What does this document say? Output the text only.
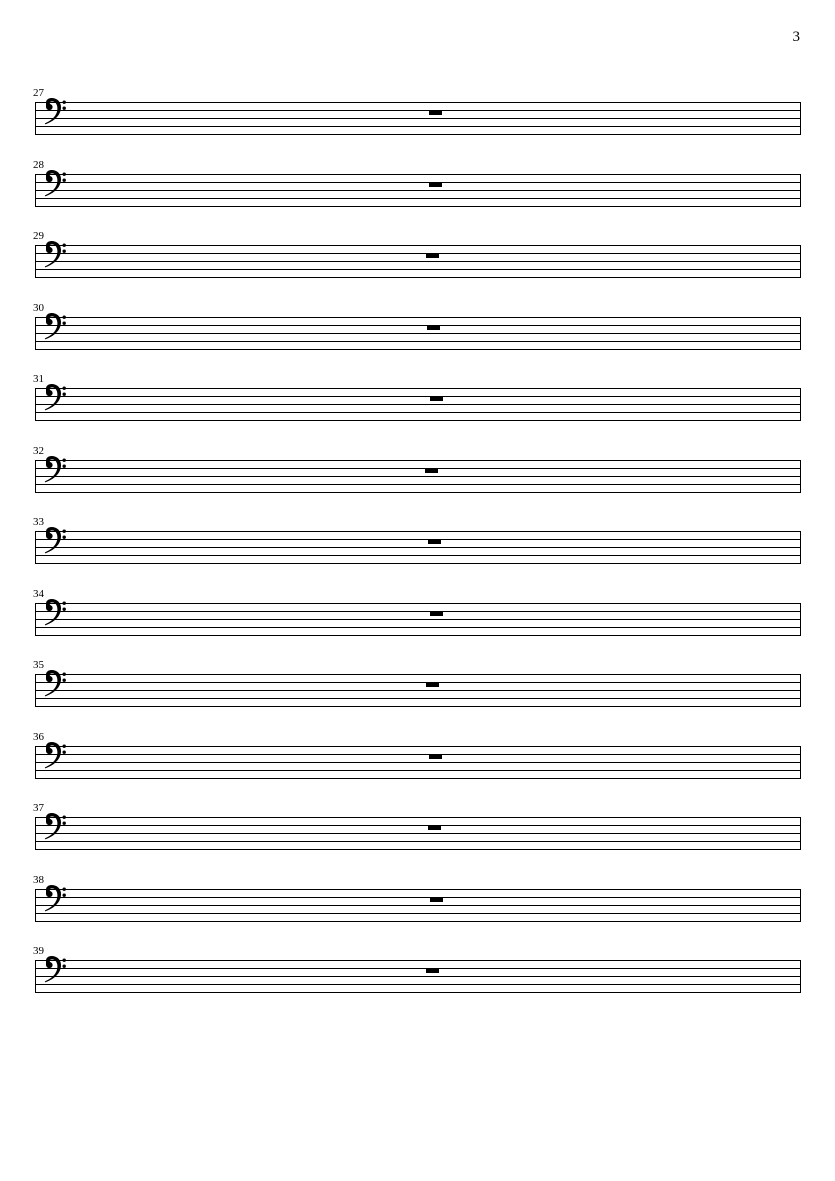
3
27
28
29
30
31
32
33
34
35
36
37
38
39
